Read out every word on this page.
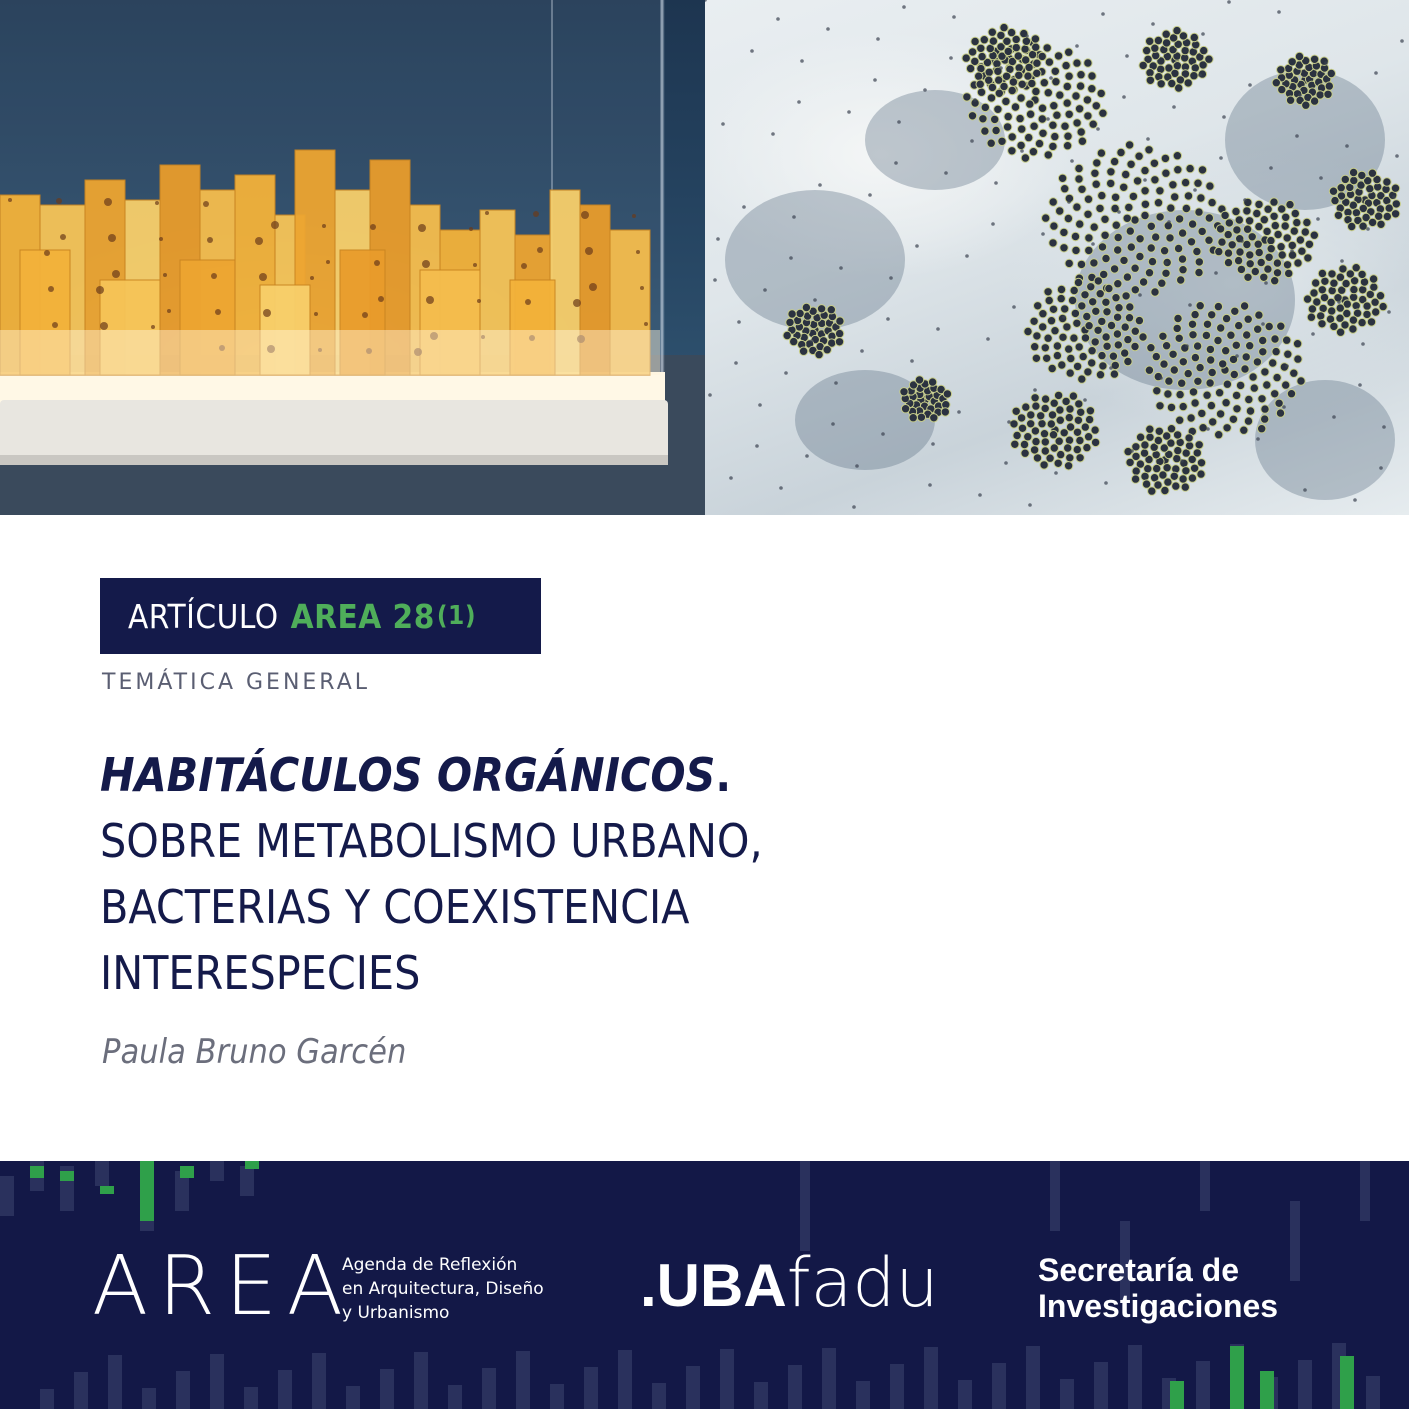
ARTÍCULO AREA 28 (1)
TEMÁTICA GENERAL
HABITÁCULOS ORGÁNICOS.
SOBRE METABOLISMO URBANO,
BACTERIAS Y COEXISTENCIA
INTERESPECIES
Paula Bruno Garcén
AREA
Agenda de Reflexión
en Arquitectura, Diseño
y Urbanismo	.UBAfadu	Secretaría de
Investigaciones
